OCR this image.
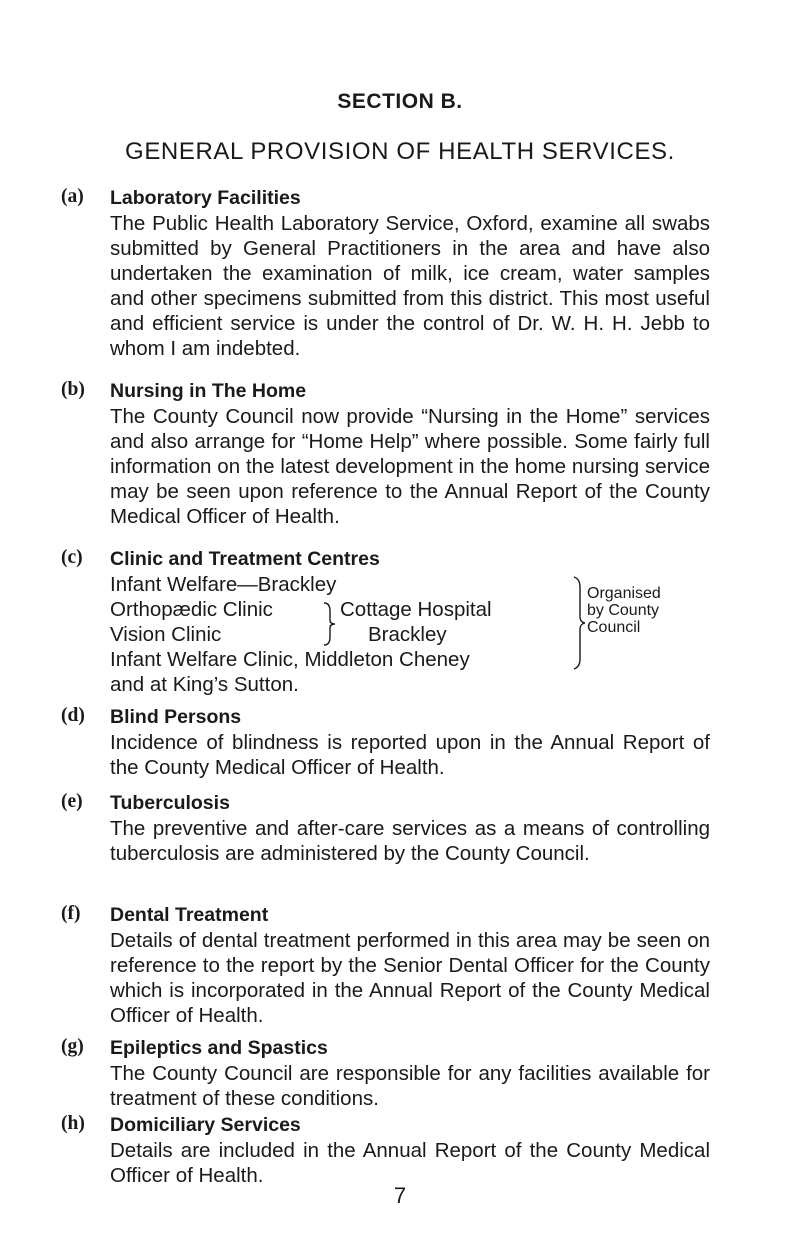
SECTION B.
GENERAL PROVISION OF HEALTH SERVICES.
(a) Laboratory Facilities
The Public Health Laboratory Service, Oxford, examine all swabs submitted by General Practitioners in the area and have also undertaken the examination of milk, ice cream, water samples and other specimens submitted from this district. This most useful and efficient service is under the control of Dr. W. H. H. Jebb to whom I am indebted.
(b) Nursing in The Home
The County Council now provide “Nursing in the Home” services and also arrange for “Home Help” where possible. Some fairly full information on the latest development in the home nursing service may be seen upon reference to the Annual Report of the County Medical Officer of Health.
(c) Clinic and Treatment Centres
Infant Welfare—Brackley
Orthopædic Clinic	Cottage Hospital
Vision Clinic	Brackley
Infant Welfare Clinic, Middleton Cheney
and at King’s Sutton.
Organised
by County
Council
(d) Blind Persons
Incidence of blindness is reported upon in the Annual Report of the County Medical Officer of Health.
(e) Tuberculosis
The preventive and after-care services as a means of controlling tuberculosis are administered by the County Council.
(f) Dental Treatment
Details of dental treatment performed in this area may be seen on reference to the report by the Senior Dental Officer for the County which is incorporated in the Annual Report of the County Medical Officer of Health.
(g) Epileptics and Spastics
The County Council are responsible for any facilities available for treatment of these conditions.
(h) Domiciliary Services
Details are included in the Annual Report of the County Medical Officer of Health.
7
